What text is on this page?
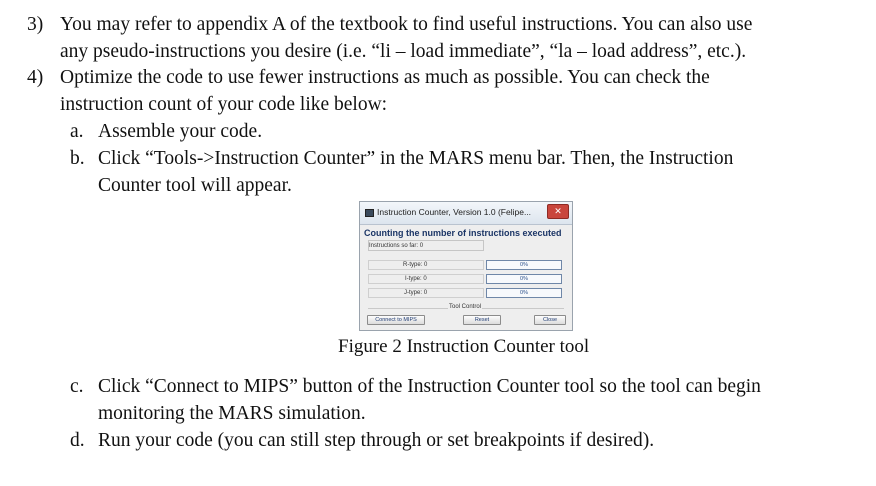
3) You may refer to appendix A of the textbook to find useful instructions. You can also use
any pseudo-instructions you desire (i.e. “li – load immediate”, “la – load address”, etc.).
4) Optimize the code to use fewer instructions as much as possible. You can check the
instruction count of your code like below:
a. Assemble your code.
b. Click “Tools->Instruction Counter” in the MARS menu bar. Then, the Instruction
Counter tool will appear.
Instruction Counter, Version 1.0 (Felipe...	✕
Counting the number of instructions executed
Instructions so far: 0
R-type: 0	0%
I-type: 0	0%
J-type: 0	0%
Tool Control
Connect to MIPS	Reset	Close
Figure 2 Instruction Counter tool
c. Click “Connect to MIPS” button of the Instruction Counter tool so the tool can begin
monitoring the MARS simulation.
d. Run your code (you can still step through or set breakpoints if desired).
